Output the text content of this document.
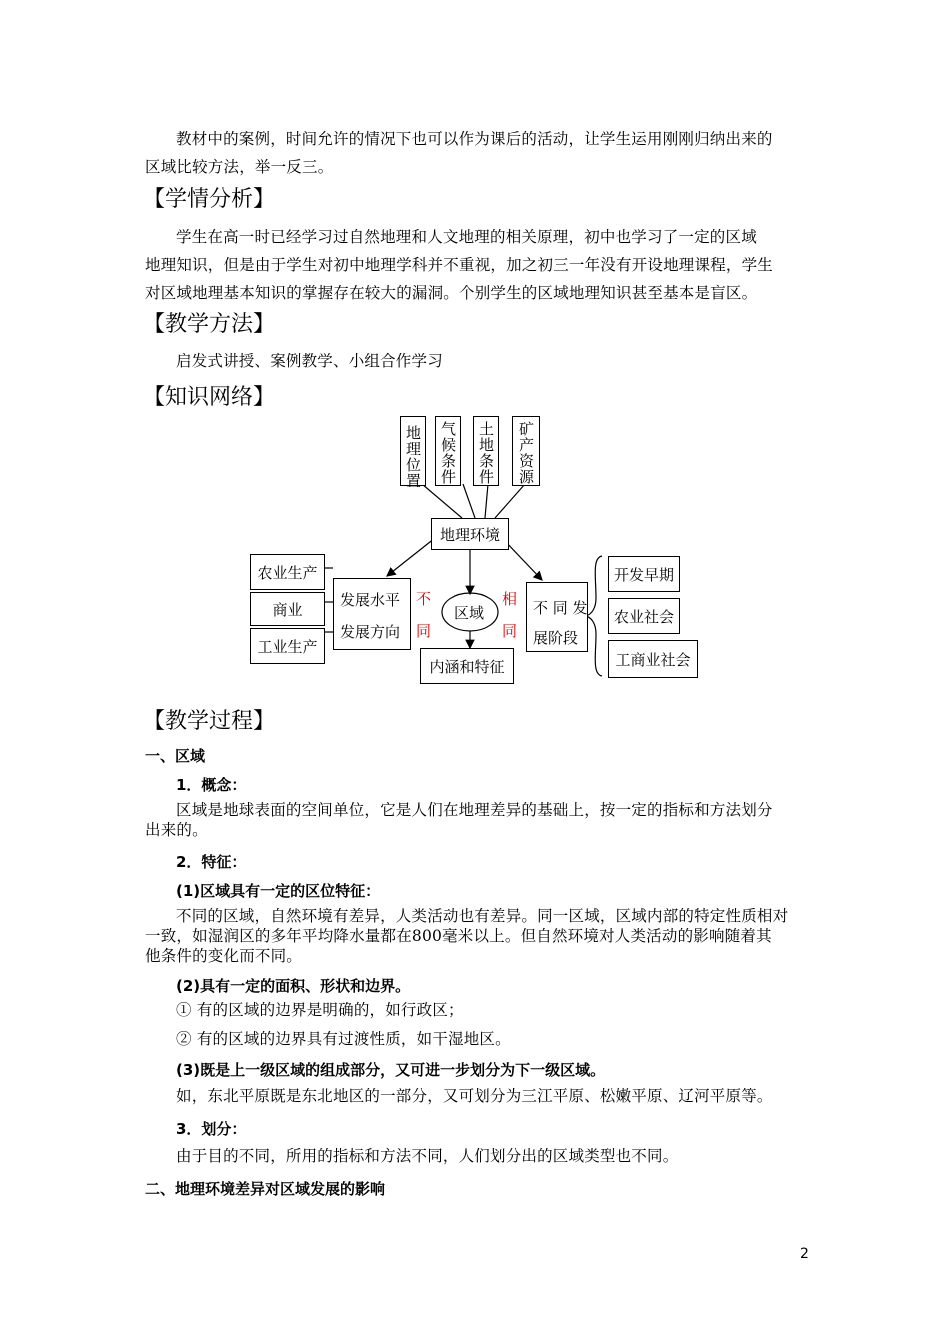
教材中的案例，时间允许的情况下也可以作为课后的活动，让学生运用刚刚归纳出来的
区域比较方法，举一反三。
【学情分析】
学生在高一时已经学习过自然地理和人文地理的相关原理，初中也学习了一定的区域
地理知识，但是由于学生对初中地理学科并不重视，加之初三一年没有开设地理课程，学生
对区域地理基本知识的掌握存在较大的漏洞。个别学生的区域地理知识甚至基本是盲区。
【教学方法】
启发式讲授、案例教学、小组合作学习
【知识网络】
地理位置 气候条件 土地条件 矿产资源
地理环境
农业生产
商业
工业生产
发展水平
发展方向
不
同
相
同
区域
内涵和特征
不 同 发
展阶段
开发早期
农业社会
工商业社会
【教学过程】
一、区域
1．概念：
区域是地球表面的空间单位，它是人们在地理差异的基础上，按一定的指标和方法划分
出来的。
2．特征：
(1)区域具有一定的区位特征：
不同的区域，自然环境有差异，人类活动也有差异。同一区域，区域内部的特定性质相对
一致，如湿润区的多年平均降水量都在800毫米以上。但自然环境对人类活动的影响随着其
他条件的变化而不同。
(2)具有一定的面积、形状和边界。
① 有的区域的边界是明确的，如行政区；
② 有的区域的边界具有过渡性质，如干湿地区。
(3)既是上一级区域的组成部分，又可进一步划分为下一级区域。
如，东北平原既是东北地区的一部分，又可划分为三江平原、松嫩平原、辽河平原等。
3．划分：
由于目的不同，所用的指标和方法不同，人们划分出的区域类型也不同。
二、地理环境差异对区域发展的影响
2
